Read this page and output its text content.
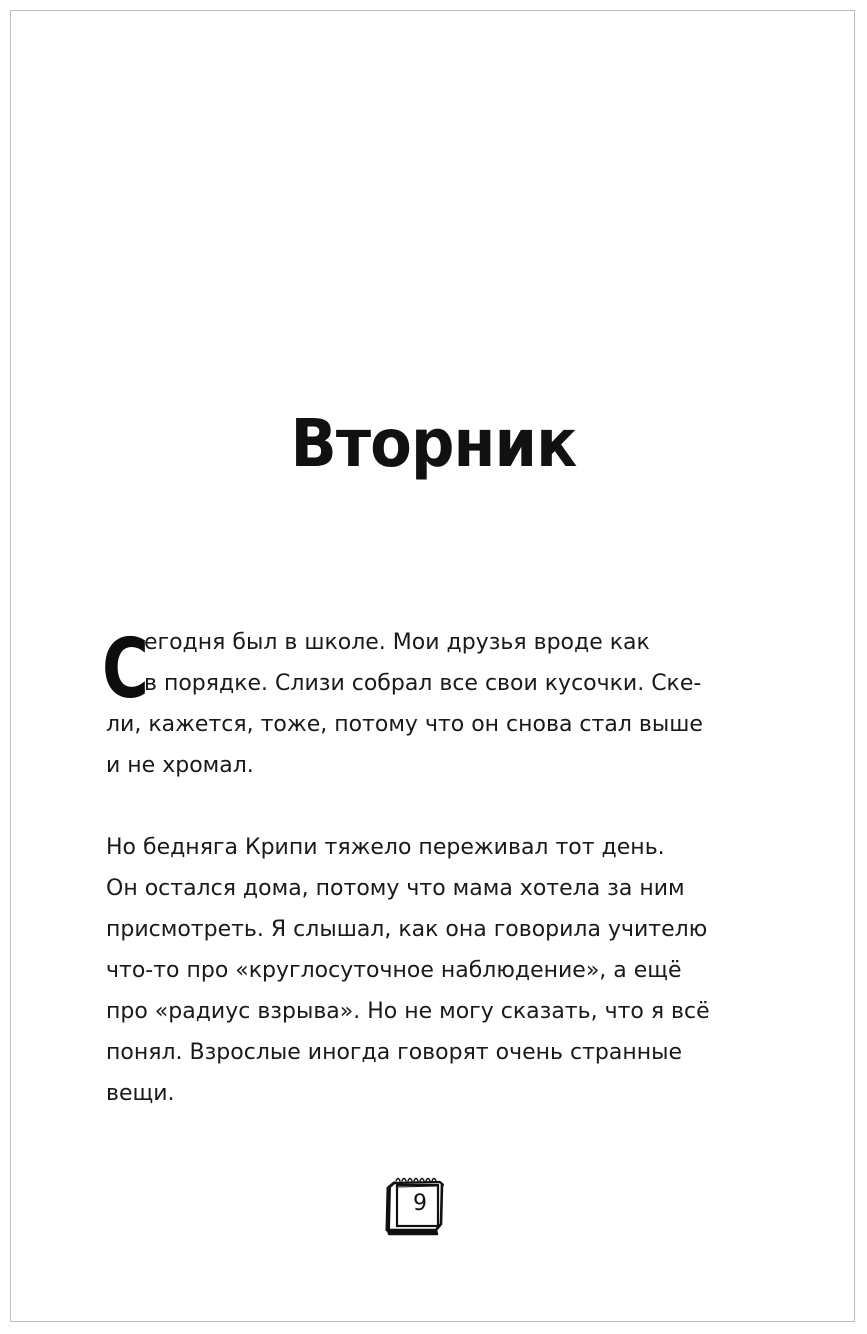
Вторник

С
егодня был в школе. Мои друзья вроде как
в порядке. Слизи собрал все свои кусочки. Ске-
ли, кажется, тоже, потому что он снова стал выше
и не хромал.

Но бедняга Крипи тяжело переживал тот день.
Он остался дома, потому что мама хотела за ним
присмотреть. Я слышал, как она говорила учителю
что-то про «круглосуточное наблюдение», а ещё
про «радиус взрыва». Но не могу сказать, что я всё
понял. Взрослые иногда говорят очень странные
вещи.

9
